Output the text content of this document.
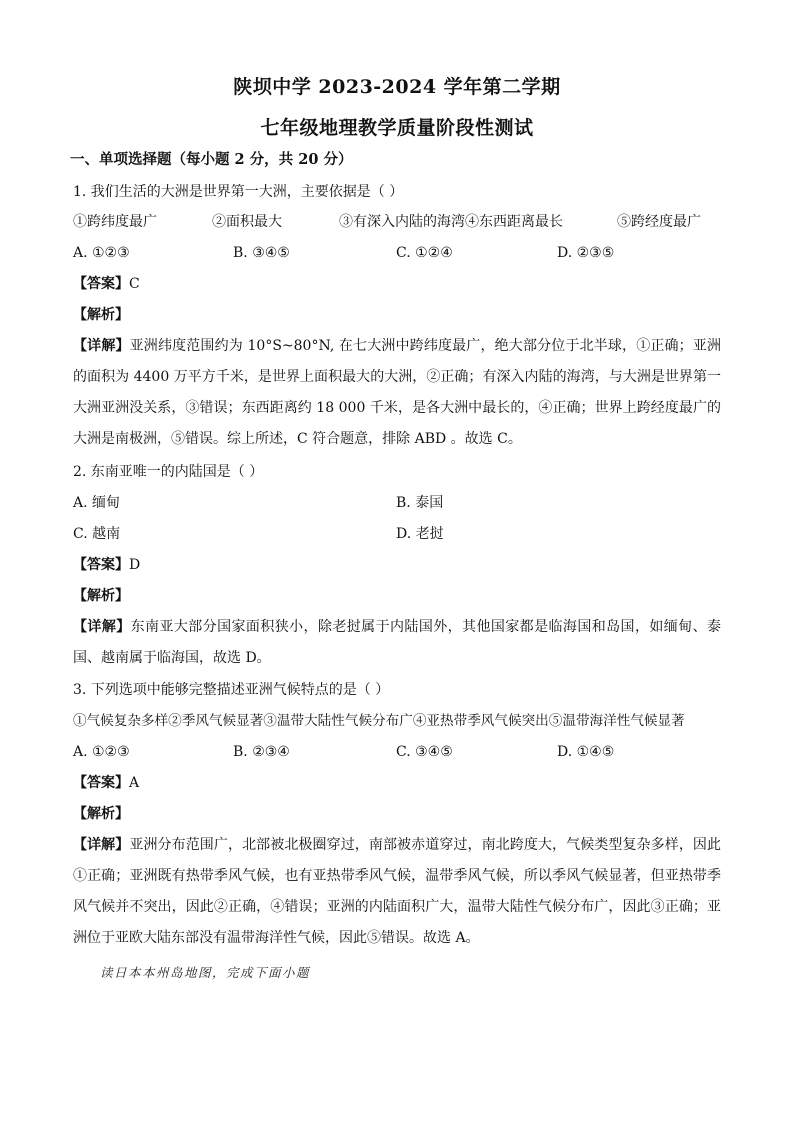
陕坝中学 2023-2024 学年第二学期
七年级地理教学质量阶段性测试
一、单项选择题（每小题 2 分，共 20 分）
1. 我们生活的大洲是世界第一大洲，主要依据是（ ）
①跨纬度最广	②面积最大	③有深入内陆的海湾④东西距离最长	⑤跨经度最广
A. ①②③	B. ③④⑤	C. ①②④	D. ②③⑤
【答案】C
【解析】
【详解】亚洲纬度范围约为 10°S~80°N, 在七大洲中跨纬度最广，绝大部分位于北半球，①正确；亚洲的面积为 4400 万平方千米，是世界上面积最大的大洲，②正确；有深入内陆的海湾，与大洲是世界第一大洲亚洲没关系，③错误；东西距离约 18 000 千米，是各大洲中最长的，④正确；世界上跨经度最广的大洲是南极洲，⑤错误。综上所述，C 符合题意，排除 ABD 。故选 C。
2. 东南亚唯一的内陆国是（ ）
A. 缅甸	B. 泰国
C. 越南	D. 老挝
【答案】D
【解析】
【详解】东南亚大部分国家面积狭小，除老挝属于内陆国外，其他国家都是临海国和岛国，如缅甸、泰国、越南属于临海国，故选 D。
3. 下列选项中能够完整描述亚洲气候特点的是（ ）
①气候复杂多样②季风气候显著③温带大陆性气候分布广④亚热带季风气候突出⑤温带海洋性气候显著
A. ①②③	B. ②③④	C. ③④⑤	D. ①④⑤
【答案】A
【解析】
【详解】亚洲分布范围广，北部被北极圈穿过，南部被赤道穿过，南北跨度大，气候类型复杂多样，因此①正确；亚洲既有热带季风气候，也有亚热带季风气候，温带季风气候，所以季风气候显著，但亚热带季风气候并不突出，因此②正确，④错误；亚洲的内陆面积广大，温带大陆性气候分布广，因此③正确；亚洲位于亚欧大陆东部没有温带海洋性气候，因此⑤错误。故选 A。
读日本本州岛地图，完成下面小题
